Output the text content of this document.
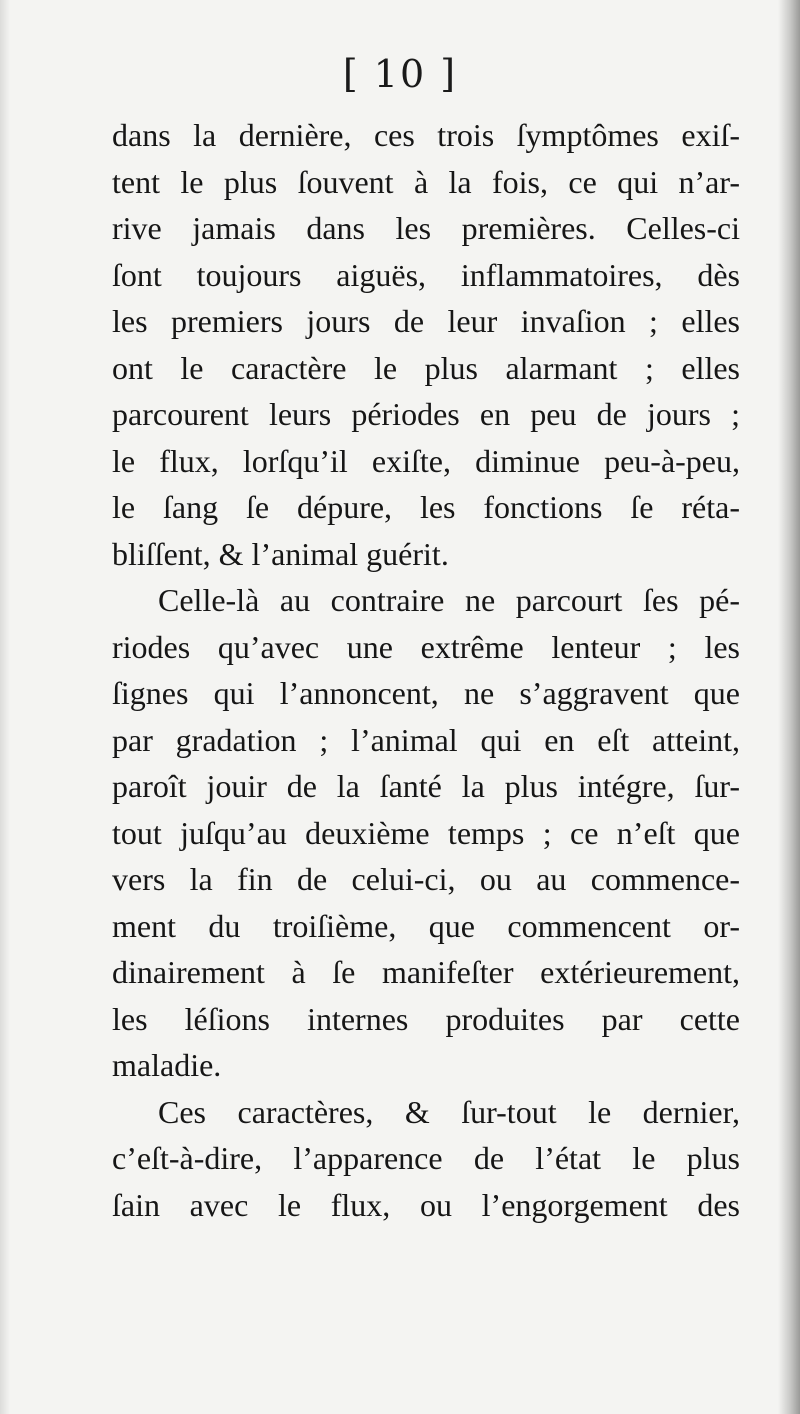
[ 10 ]
dans la dernière, ces trois ſymptômes exiſ-
tent le plus ſouvent à la fois, ce qui n’ar-
rive jamais dans les premières. Celles-ci
ſont toujours aiguës, inflammatoires, dès
les premiers jours de leur invaſion ; elles
ont le caractère le plus alarmant ; elles
parcourent leurs périodes en peu de jours ;
le flux, lorſqu’il exiſte, diminue peu-à-peu,
le ſang ſe dépure, les fonctions ſe réta-
bliſſent, & l’animal guérit.
Celle-là au contraire ne parcourt ſes pé-
riodes qu’avec une extrême lenteur ; les
ſignes qui l’annoncent, ne s’aggravent que
par gradation ; l’animal qui en eſt atteint,
paroît jouir de la ſanté la plus intégre, ſur-
tout juſqu’au deuxième temps ; ce n’eſt que
vers la fin de celui-ci, ou au commence-
ment du troiſième, que commencent or-
dinairement à ſe manifeſter extérieurement,
les léſions internes produites par cette
maladie.
Ces caractères, & ſur-tout le dernier,
c’eſt-à-dire, l’apparence de l’état le plus
ſain avec le flux, ou l’engorgement des
